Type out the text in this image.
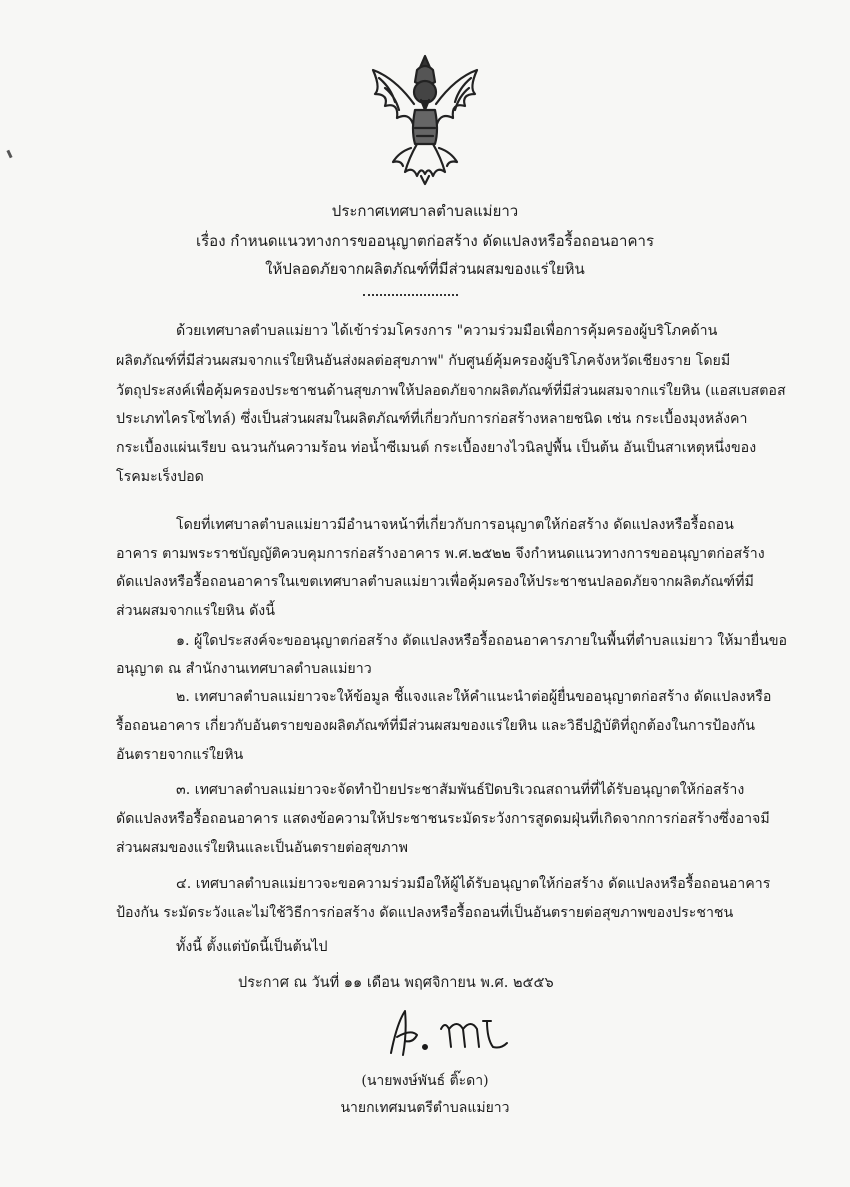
ประกาศเทศบาลตำบลแม่ยาว
เรื่อง กำหนดแนวทางการขออนุญาตก่อสร้าง ดัดแปลงหรือรื้อถอนอาคาร
ให้ปลอดภัยจากผลิตภัณฑ์ที่มีส่วนผสมของแร่ใยหิน
ด้วยเทศบาลตำบลแม่ยาว ได้เข้าร่วมโครงการ "ความร่วมมือเพื่อการคุ้มครองผู้บริโภคด้าน
ผลิตภัณฑ์ที่มีส่วนผสมจากแร่ใยหินอันส่งผลต่อสุขภาพ" กับศูนย์คุ้มครองผู้บริโภคจังหวัดเชียงราย โดยมี
วัตถุประสงค์เพื่อคุ้มครองประชาชนด้านสุขภาพให้ปลอดภัยจากผลิตภัณฑ์ที่มีส่วนผสมจากแร่ใยหิน (แอสเบสตอส
ประเภทไครโซไทล์) ซึ่งเป็นส่วนผสมในผลิตภัณฑ์ที่เกี่ยวกับการก่อสร้างหลายชนิด เช่น กระเบื้องมุงหลังคา
กระเบื้องแผ่นเรียบ ฉนวนกันความร้อน ท่อน้ำซีเมนต์ กระเบื้องยางไวนิลปูพื้น เป็นต้น อันเป็นสาเหตุหนึ่งของ
โรคมะเร็งปอด
โดยที่เทศบาลตำบลแม่ยาวมีอำนาจหน้าที่เกี่ยวกับการอนุญาตให้ก่อสร้าง ดัดแปลงหรือรื้อถอน
อาคาร ตามพระราชบัญญัติควบคุมการก่อสร้างอาคาร พ.ศ.๒๕๒๒ จึงกำหนดแนวทางการขออนุญาตก่อสร้าง
ดัดแปลงหรือรื้อถอนอาคารในเขตเทศบาลตำบลแม่ยาวเพื่อคุ้มครองให้ประชาชนปลอดภัยจากผลิตภัณฑ์ที่มี
ส่วนผสมจากแร่ใยหิน ดังนี้
๑. ผู้ใดประสงค์จะขออนุญาตก่อสร้าง ดัดแปลงหรือรื้อถอนอาคารภายในพื้นที่ตำบลแม่ยาว ให้มายื่นขอ
อนุญาต ณ สำนักงานเทศบาลตำบลแม่ยาว
๒. เทศบาลตำบลแม่ยาวจะให้ข้อมูล ชี้แจงและให้คำแนะนำต่อผู้ยื่นขออนุญาตก่อสร้าง ดัดแปลงหรือ
รื้อถอนอาคาร เกี่ยวกับอันตรายของผลิตภัณฑ์ที่มีส่วนผสมของแร่ใยหิน และวิธีปฏิบัติที่ถูกต้องในการป้องกัน
อันตรายจากแร่ใยหิน
๓. เทศบาลตำบลแม่ยาวจะจัดทำป้ายประชาสัมพันธ์ปิดบริเวณสถานที่ที่ได้รับอนุญาตให้ก่อสร้าง
ดัดแปลงหรือรื้อถอนอาคาร แสดงข้อความให้ประชาชนระมัดระวังการสูดดมฝุ่นที่เกิดจากการก่อสร้างซึ่งอาจมี
ส่วนผสมของแร่ใยหินและเป็นอันตรายต่อสุขภาพ
๔. เทศบาลตำบลแม่ยาวจะขอความร่วมมือให้ผู้ได้รับอนุญาตให้ก่อสร้าง ดัดแปลงหรือรื้อถอนอาคาร
ป้องกัน ระมัดระวังและไม่ใช้วิธีการก่อสร้าง ดัดแปลงหรือรื้อถอนที่เป็นอันตรายต่อสุขภาพของประชาชน
ทั้งนี้ ตั้งแต่บัดนี้เป็นต้นไป
ประกาศ ณ วันที่ ๑๑ เดือน พฤศจิกายน พ.ศ. ๒๕๕๖
(นายพงษ์พันธ์ ติ๊ะดา)
นายกเทศมนตรีตำบลแม่ยาว
